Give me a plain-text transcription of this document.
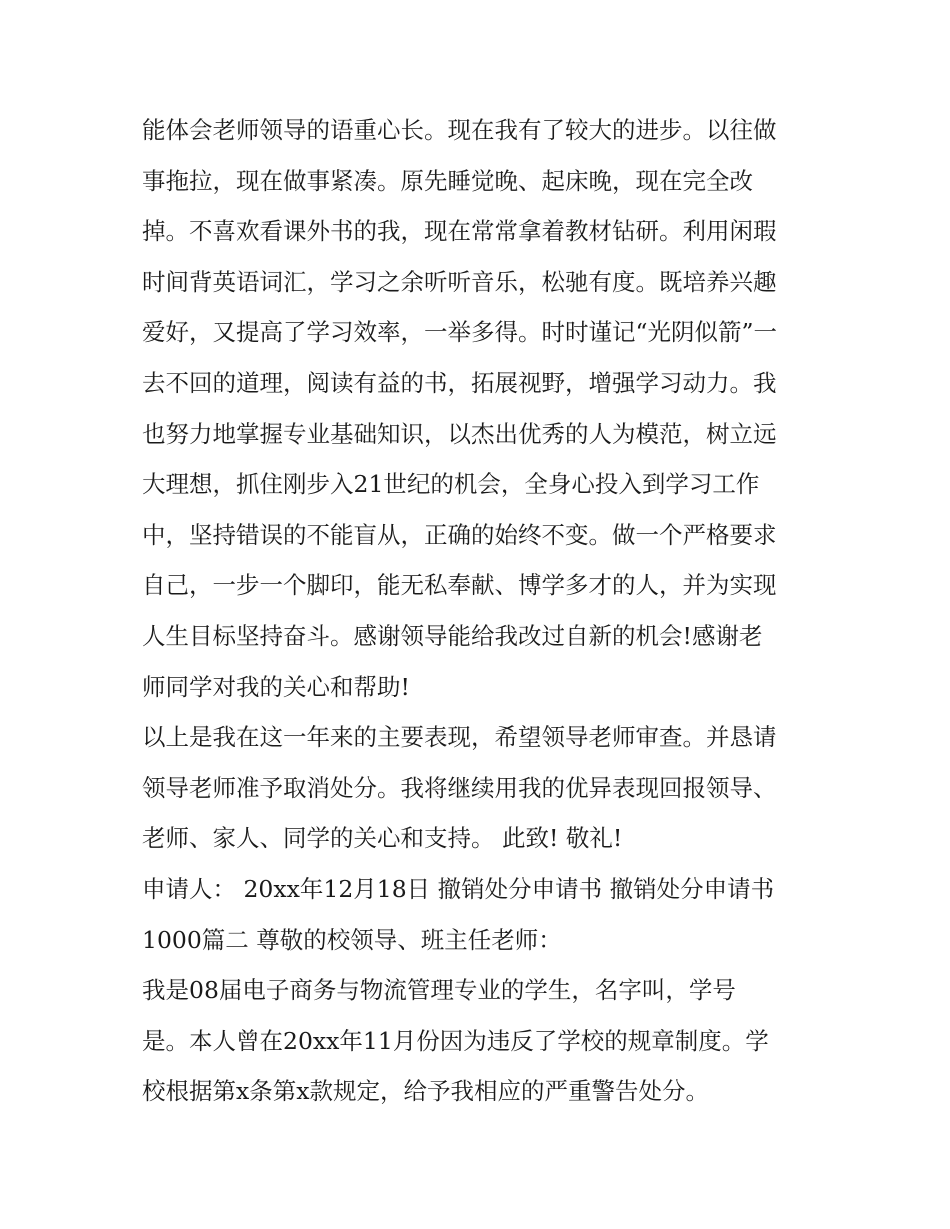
能体会老师领导的语重心长。现在我有了较大的进步。以往做
事拖拉，现在做事紧凑。原先睡觉晚、起床晚，现在完全改
掉。不喜欢看课外书的我，现在常常拿着教材钻研。利用闲瑕
时间背英语词汇，学习之余听听音乐，松驰有度。既培养兴趣
爱好，又提高了学习效率，一举多得。时时谨记“光阴似箭”一
去不回的道理，阅读有益的书，拓展视野，增强学习动力。我
也努力地掌握专业基础知识，以杰出优秀的人为模范，树立远
大理想，抓住刚步入21世纪的机会，全身心投入到学习工作
中，坚持错误的不能盲从，正确的始终不变。做一个严格要求
自己，一步一个脚印，能无私奉献、博学多才的人，并为实现
人生目标坚持奋斗。感谢领导能给我改过自新的机会!感谢老
师同学对我的关心和帮助!
以上是我在这一年来的主要表现，希望领导老师审查。并恳请
领导老师准予取消处分。我将继续用我的优异表现回报领导、
老师、家人、同学的关心和支持。 此致! 敬礼!
申请人： 20xx年12月18日 撤销处分申请书 撤销处分申请书
1000篇二 尊敬的校领导、班主任老师：
我是08届电子商务与物流管理专业的学生，名字叫，学号
是。本人曾在20xx年11月份因为违反了学校的规章制度。学
校根据第x条第x款规定，给予我相应的严重警告处分。
